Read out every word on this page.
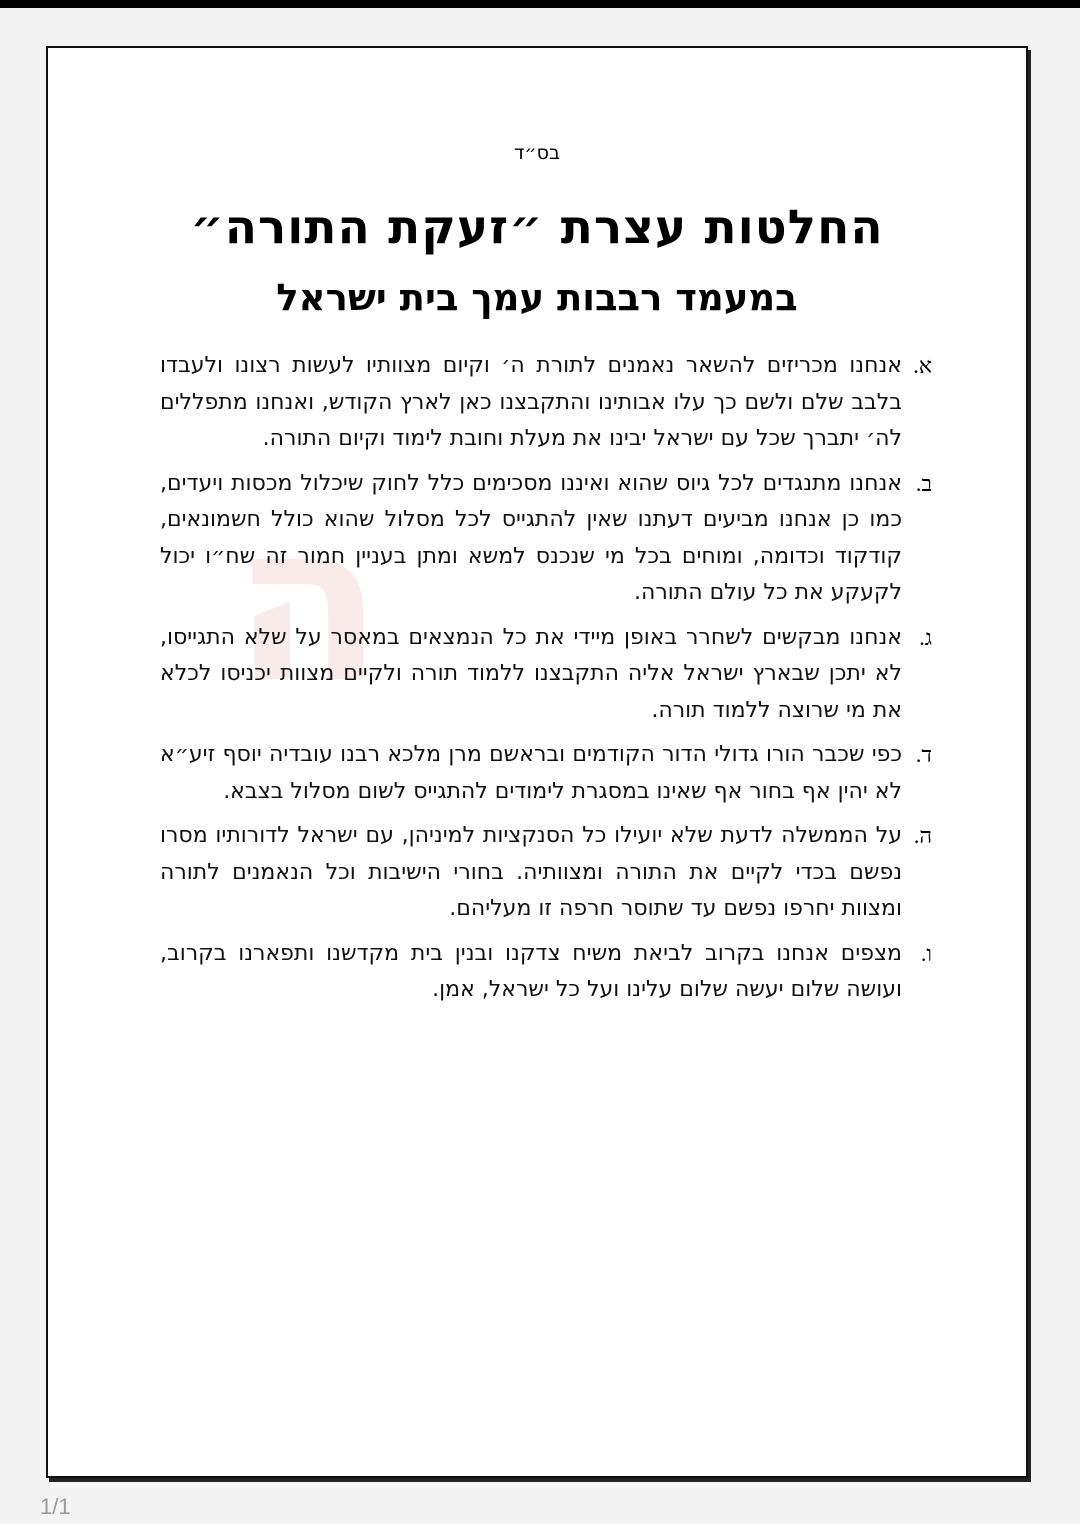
ה
בס״ד
החלטות עצרת ״זעקת התורה״
במעמד רבבות עמך בית ישראל
א.
אנחנו מכריזים להשאר נאמנים לתורת ה׳ וקיום מצוותיו לעשות רצונו ולעבדו בלבב שלם ולשם כך עלו אבותינו והתקבצנו כאן לארץ הקודש, ואנחנו מתפללים לה׳ יתברך שכל עם ישראל יבינו את מעלת וחובת לימוד וקיום התורה.
ב.
אנחנו מתנגדים לכל גיוס שהוא ואיננו מסכימים כלל לחוק שיכלול מכסות ויעדים, כמו כן אנחנו מביעים דעתנו שאין להתגייס לכל מסלול שהוא כולל חשמונאים, קודקוד וכדומה, ומוחים בכל מי שנכנס למשא ומתן בעניין חמור זה שח״ו יכול לקעקע את כל עולם התורה.
ג.
אנחנו מבקשים לשחרר באופן מיידי את כל הנמצאים במאסר על שלא התגייסו, לא יתכן שבארץ ישראל אליה התקבצנו ללמוד תורה ולקיים מצוות יכניסו לכלא את מי שרוצה ללמוד תורה.
ד.
כפי שכבר הורו גדולי הדור הקודמים ובראשם מרן מלכא רבנו עובדיה יוסף זיע״א לא יהין אף בחור אף שאינו במסגרת לימודים להתגייס לשום מסלול בצבא.
ה.
על הממשלה לדעת שלא יועילו כל הסנקציות למיניהן, עם ישראל לדורותיו מסרו נפשם בכדי לקיים את התורה ומצוותיה. בחורי הישיבות וכל הנאמנים לתורה ומצוות יחרפו נפשם עד שתוסר חרפה זו מעליהם.
ו.
מצפים אנחנו בקרוב לביאת משיח צדקנו ובנין בית מקדשנו ותפארנו בקרוב, ועושה שלום יעשה שלום עלינו ועל כל ישראל, אמן.
1/1
